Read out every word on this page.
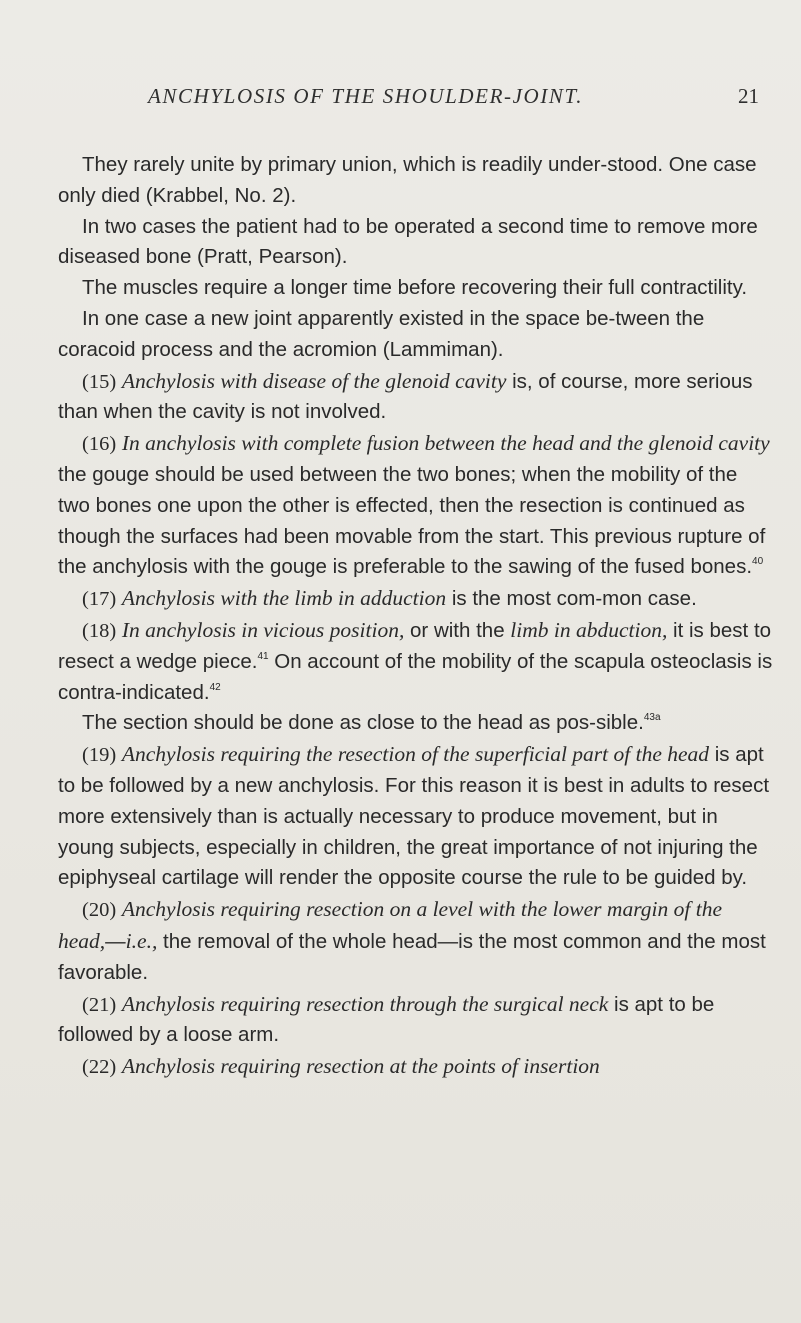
ANCHYLOSIS OF THE SHOULDER-JOINT.	21

They rarely unite by primary union, which is readily under-stood. One case only died (Krabbel, No. 2).

In two cases the patient had to be operated a second time to remove more diseased bone (Pratt, Pearson).

The muscles require a longer time before recovering their full contractility.

In one case a new joint apparently existed in the space be-tween the coracoid process and the acromion (Lammiman).

(15) Anchylosis with disease of the glenoid cavity is, of course, more serious than when the cavity is not involved.

(16) In anchylosis with complete fusion between the head and the glenoid cavity the gouge should be used between the two bones; when the mobility of the two bones one upon the other is effected, then the resection is continued as though the surfaces had been movable from the start. This previous rupture of the anchylosis with the gouge is preferable to the sawing of the fused bones.$^{40}$

(17) Anchylosis with the limb in adduction is the most com-mon case.

(18) In anchylosis in vicious position, or with the limb in abduction, it is best to resect a wedge piece.$^{41}$ On account of the mobility of the scapula osteoclasis is contra-indicated.$^{42}$

The section should be done as close to the head as pos-sible.$^{43a}$

(19) Anchylosis requiring the resection of the superficial part of the head is apt to be followed by a new anchylosis. For this reason it is best in adults to resect more extensively than is actually necessary to produce movement, but in young subjects, especially in children, the great importance of not injuring the epiphyseal cartilage will render the opposite course the rule to be guided by.

(20) Anchylosis requiring resection on a level with the lower margin of the head,—i.e., the removal of the whole head—is the most common and the most favorable.

(21) Anchylosis requiring resection through the surgical neck is apt to be followed by a loose arm.

(22) Anchylosis requiring resection at the points of insertion
